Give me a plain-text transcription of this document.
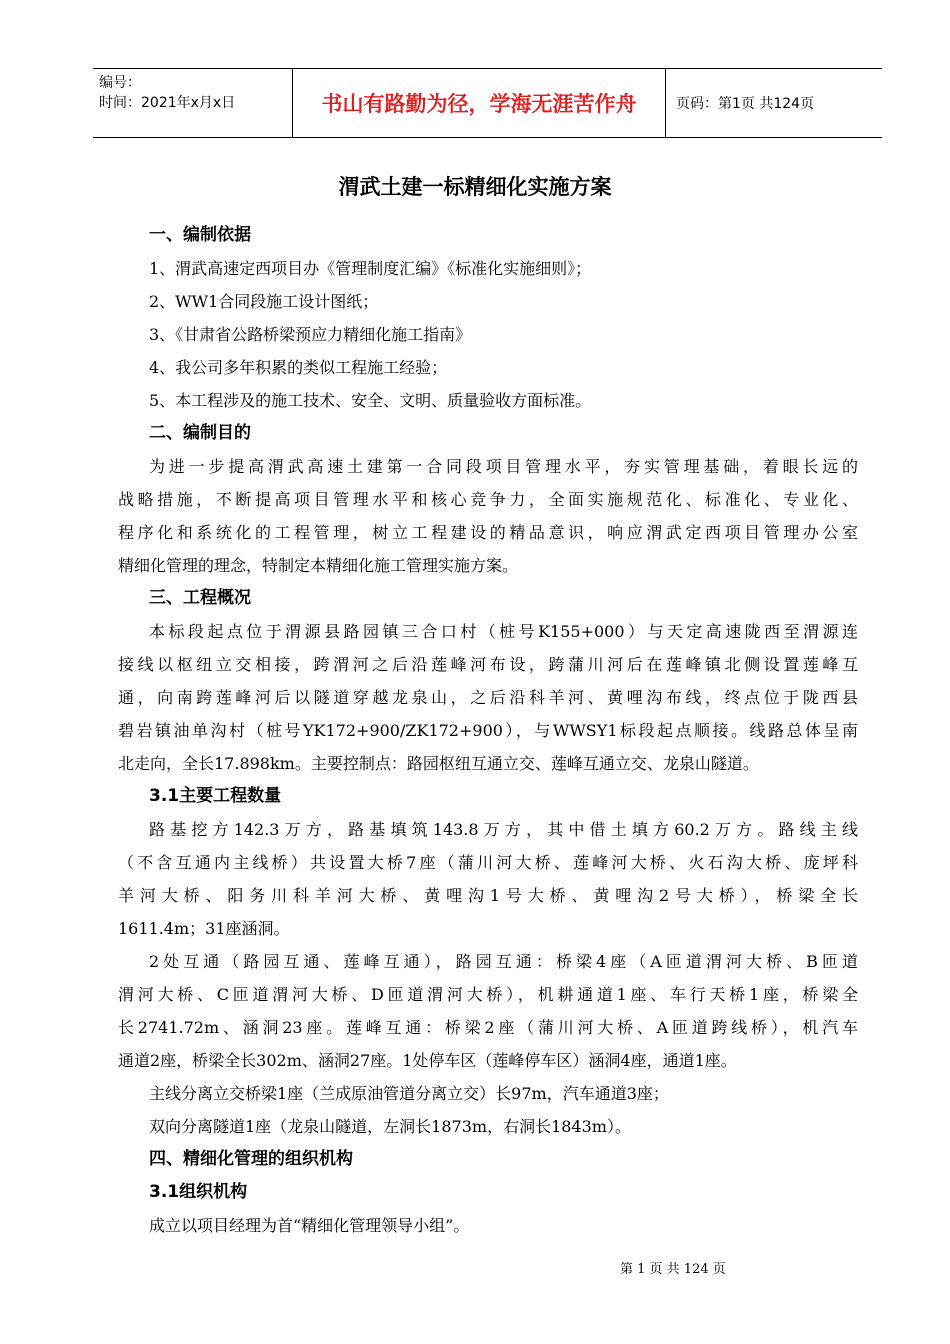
编号：
时间：2021年x月x日	书山有路勤为径，学海无涯苦作舟	页码：第1页 共124页
渭武土建一标精细化实施方案
一、编制依据
1、渭武高速定西项目办《管理制度汇编》《标准化实施细则》；
2、WW1合同段施工设计图纸；
3、《甘肃省公路桥梁预应力精细化施工指南》
4、我公司多年积累的类似工程施工经验；
5、本工程涉及的施工技术、安全、文明、质量验收方面标准。
二、编制目的
为进一步提高渭武高速土建第一合同段项目管理水平，夯实管理基础，着眼长远的
战略措施，不断提高项目管理水平和核心竞争力，全面实施规范化、标准化、专业化、
程序化和系统化的工程管理，树立工程建设的精品意识，响应渭武定西项目管理办公室
精细化管理的理念，特制定本精细化施工管理实施方案。
三、工程概况
本标段起点位于渭源县路园镇三合口村（桩号K155+000）与天定高速陇西至渭源连
接线以枢纽立交相接，跨渭河之后沿莲峰河布设，跨蒲川河后在莲峰镇北侧设置莲峰互
通，向南跨莲峰河后以隧道穿越龙泉山，之后沿科羊河、黄哩沟布线，终点位于陇西县
碧岩镇油单沟村（桩号YK172+900/ZK172+900），与WWSY1标段起点顺接。线路总体呈南
北走向，全长17.898km。主要控制点：路园枢纽互通立交、莲峰互通立交、龙泉山隧道。
3.1主要工程数量
路基挖方142.3万方，路基填筑143.8万方，其中借土填方60.2万方。路线主线
（不含互通内主线桥）共设置大桥7座（蒲川河大桥、莲峰河大桥、火石沟大桥、庞坪科
羊河大桥、阳务川科羊河大桥、黄哩沟1号大桥、黄哩沟2号大桥），桥梁全长
1611.4m；31座涵洞。
2处互通（路园互通、莲峰互通），路园互通：桥梁4座（A匝道渭河大桥、B匝道
渭河大桥、C匝道渭河大桥、D匝道渭河大桥），机耕通道1座、车行天桥1座，桥梁全
长2741.72m、涵洞23座。莲峰互通：桥梁2座（蒲川河大桥、A匝道跨线桥），机汽车
通道2座，桥梁全长302m、涵洞27座。1处停车区（莲峰停车区）涵洞4座，通道1座。
主线分离立交桥梁1座（兰成原油管道分离立交）长97m，汽车通道3座；
双向分离隧道1座（龙泉山隧道，左洞长1873m，右洞长1843m）。
四、精细化管理的组织机构
3.1组织机构
成立以项目经理为首“精细化管理领导小组”。
第 1 页 共 124 页
